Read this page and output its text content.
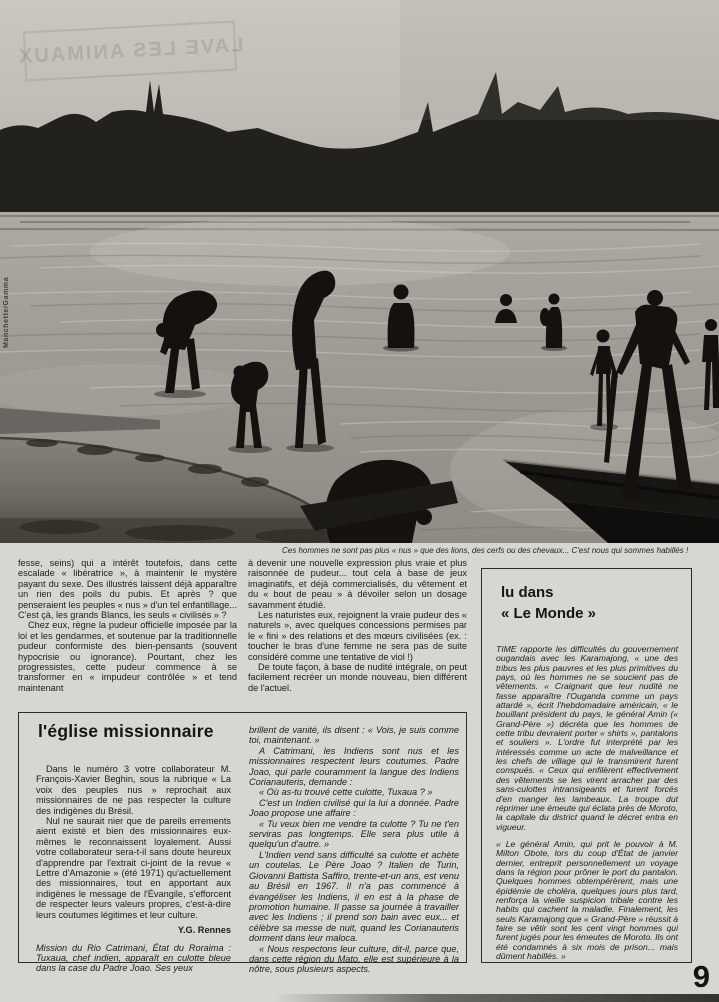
LAVE LES ANIMAUX
Manchette/Gamma
Ces hommes ne sont pas plus « nus » que des lions, des cerfs ou des chevaux... C'est nous qui sommes habillés !

fesse, seins) qui a intérêt toutefois, dans cette escalade « libératrice », à maintenir le mystère payant du sexe. Des illustrés laissent déjà apparaître un rien des poils du pubis. Et après ? que penseraient les peuples « nus » d'un tel enfantillage... C'est çà, les grands Blancs, les seuls « civilisés » ?

Chez eux, règne la pudeur officielle imposée par la loi et les gendarmes, et soutenue par la traditionnelle pudeur conformiste des bien-pensants (souvent hypocrisie ou ignorance). Pourtant, chez les progressistes, cette pudeur commence à se transformer en « impudeur contrôlée » et tend maintenant

à devenir une nouvelle expression plus vraie et plus raisonnée de pudeur... tout cela à base de jeux imaginatifs, et déjà commercialisés, du vêtement et du « bout de peau » à dévoiler selon un dosage savamment étudié.

Les naturistes eux, rejoignent la vraie pudeur des « naturels », avec quelques concessions permises par le « fini » des relations et des mœurs civilisées (ex. : toucher le bras d'une femme ne sera pas de suite considéré comme une tentative de viol !)

De toute façon, à base de nudité intégrale, on peut facilement recréer un monde nouveau, bien différent de l'actuel.

l'église missionnaire

Dans le numéro 3 votre collaborateur M. François-Xavier Beghin, sous la rubrique « La voix des peuples nus » reprochait aux missionnaires de ne pas respecter la culture des indigènes du Brésil.

Nul ne saurait nier que de pareils errements aient existé et bien des missionnaires eux-mêmes le reconnaissent loyalement. Aussi votre collaborateur sera-t-il sans doute heureux d'apprendre par l'extrait ci-joint de la revue « Lettre d'Amazonie » (été 1971) qu'actuellement des missionnaires, tout en apportant aux indigènes le message de l'Évangile, s'efforcent de respecter leurs valeurs propres, c'est-à-dire leurs coutumes légitimes et leur culture.

Y.G. Rennes

Mission du Rio Catrimani, État du Roraima : Tuxaua, chef indien, apparaît en culotte bleue dans la case du Padre Joao. Ses yeux

brillent de vanité, ils disent : « Vois, je suis comme toi, maintenant. »

A Catrimani, les Indiens sont nus et les missionnaires respectent leurs coutumes. Padre Joao, qui parle couramment la langue des Indiens Corianauteris, demande :

« Où as-tu trouvé cette culotte, Tuxaua ? »

C'est un Indien civilisé qui la lui a donnée. Padre Joao propose une affaire :

« Tu veux bien me vendre ta culotte ? Tu ne t'en serviras pas longtemps. Elle sera plus utile à quelqu'un d'autre. »

L'Indien vend sans difficulté sa culotte et achète un coutelas. Le Père Joao ? Italien de Turin, Giovanni Battista Saffiro, trente-et-un ans, est venu au Brésil en 1967. Il n'a pas commencé à évangéliser les Indiens, il en est à la phase de promotion humaine. Il passe sa journée à travailler avec les Indiens ; il prend son bain avec eux... et célèbre sa messe de nuit, quand les Corianauteris dorment dans leur maloca.

« Nous respectons leur culture, dit-il, parce que, dans cette région du Mato, elle est supérieure à la nôtre, sous plusieurs aspects.

lu dans
« Le Monde »

TIME rapporte les difficultés du gouvernement ougandais avec les Karamajong, « une des tribus les plus pauvres et les plus primitives du pays, où les hommes ne se soucient pas de vêtements. « Craignant que leur nudité ne fasse apparaître l'Ouganda comme un pays attardé », écrit l'hebdomadaire américain, « le bouillant président du pays, le général Amin (« Grand-Père ») décréta que les hommes de cette tribu devraient porter « shirts », pantalons et souliers ». L'ordre fut interprété par les intéressés comme un acte de malveillance et les chefs de village qui le transmirent furent conspués. « Ceux qui enfilèrent effectivement des vêtements se les virent arracher par des sans-culottes intransigeants et furent forcés d'en manger les lambeaux. La troupe dut réprimer une émeute qui éclata près de Moroto, la capitale du district quand le décret entra en vigueur.

« Le général Amin, qui prit le pouvoir à M. Milton Obote, lors du coup d'État de janvier dernier, entreprit personnellement un voyage dans la région pour prôner le port du pantalon. Quelques hommes obtempérèrent, mais une épidémie de choléra, quelques jours plus tard, renforça la vieille suspicion tribale contre les habits qui cachent la maladie. Finalement, les seuls Karamajong que « Grand-Père » réussit à faire se vêtir sont les cent vingt hommes qui furent jugés pour les émeutes de Moroto. Ils ont été condamnés à six mois de prison... mais dûment habillés. »

9
